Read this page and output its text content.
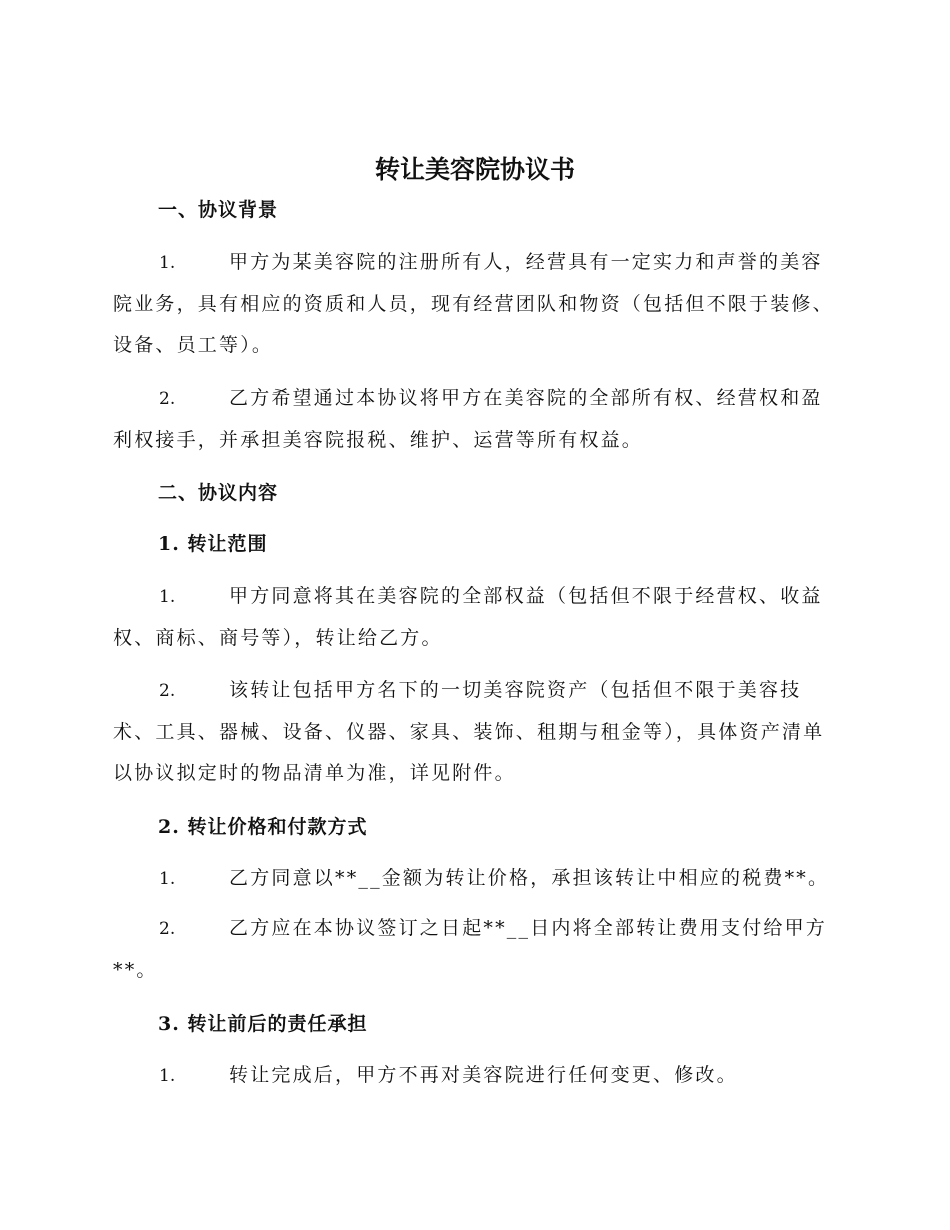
转让美容院协议书
一、协议背景

1.	甲方为某美容院的注册所有人，经营具有一定实力和声誉的美容院业务，具有相应的资质和人员，现有经营团队和物资（包括但不限于装修、设备、员工等）。

2.	乙方希望通过本协议将甲方在美容院的全部所有权、经营权和盈利权接手，并承担美容院报税、维护、运营等所有权益。

二、协议内容
1. 转让范围

1.	甲方同意将其在美容院的全部权益（包括但不限于经营权、收益权、商标、商号等），转让给乙方。

2.	该转让包括甲方名下的一切美容院资产（包括但不限于美容技术、工具、器械、设备、仪器、家具、装饰、租期与租金等），具体资产清单以协议拟定时的物品清单为准，详见附件。

2. 转让价格和付款方式

1.	乙方同意以**__金额为转让价格，承担该转让中相应的税费**。

2.	乙方应在本协议签订之日起**__日内将全部转让费用支付给甲方**。

3. 转让前后的责任承担

1.	转让完成后，甲方不再对美容院进行任何变更、修改。
